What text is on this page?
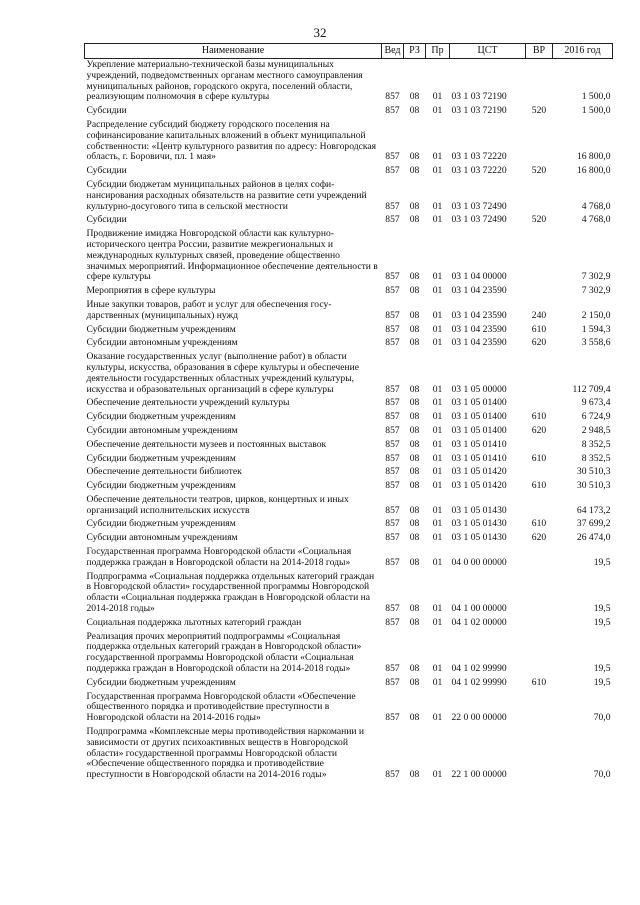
32
Наименование	Вед	РЗ	Пр	ЦСТ	ВР	2016 год
Укрепление материально-технической базы муниципальных учреждений, подведомственных органам местного самоуправления муниципальных районов, городского округа, поселений области, реализующим полномочия в сфере культуры	857	08	01	03 1 03 72190		1 500,0
Субсидии	857	08	01	03 1 03 72190	520	1 500,0
Распределение субсидий бюджету городского поселения на софинансирование капитальных вложений в объект муниципальной собственности: «Центр культурного развития по адресу: Новгородская область, г. Боровичи, пл. 1 мая»	857	08	01	03 1 03 72220		16 800,0
Субсидии	857	08	01	03 1 03 72220	520	16 800,0
Субсидии бюджетам муниципальных районов в целях софинансирования расходных обязательств на развитие сети учреждений культурно-досугового типа в сельской местности	857	08	01	03 1 03 72490		4 768,0
Субсидии	857	08	01	03 1 03 72490	520	4 768,0
Продвижение имиджа Новгородской области как культурно-исторического центра России, развитие межрегиональных и международных культурных связей, проведение общественно значимых мероприятий. Информационное обеспечение деятельности в сфере культуры	857	08	01	03 1 04 00000		7 302,9
Мероприятия в сфере культуры	857	08	01	03 1 04 23590		7 302,9
Иные закупки товаров, работ и услуг для обеспечения государственных (муниципальных) нужд	857	08	01	03 1 04 23590	240	2 150,0
Субсидии бюджетным учреждениям	857	08	01	03 1 04 23590	610	1 594,3
Субсидии автономным учреждениям	857	08	01	03 1 04 23590	620	3 558,6
Оказание государственных услуг (выполнение работ) в области культуры, искусства, образования в сфере культуры и обеспечение деятельности государственных областных учреждений культуры, искусства и образовательных организаций в сфере культуры	857	08	01	03 1 05 00000		112 709,4
Обеспечение деятельности учреждений культуры	857	08	01	03 1 05 01400		9 673,4
Субсидии бюджетным учреждениям	857	08	01	03 1 05 01400	610	6 724,9
Субсидии автономным учреждениям	857	08	01	03 1 05 01400	620	2 948,5
Обеспечение деятельности музеев и постоянных выставок	857	08	01	03 1 05 01410		8 352,5
Субсидии бюджетным учреждениям	857	08	01	03 1 05 01410	610	8 352,5
Обеспечение деятельности библиотек	857	08	01	03 1 05 01420		30 510,3
Субсидии бюджетным учреждениям	857	08	01	03 1 05 01420	610	30 510,3
Обеспечение деятельности театров, цирков, концертных и иных организаций исполнительских искусств	857	08	01	03 1 05 01430		64 173,2
Субсидии бюджетным учреждениям	857	08	01	03 1 05 01430	610	37 699,2
Субсидии автономным учреждениям	857	08	01	03 1 05 01430	620	26 474,0
Государственная программа Новгородской области «Социальная поддержка граждан в Новгородской области на 2014-2018 годы»	857	08	01	04 0 00 00000		19,5
Подпрограмма «Социальная поддержка отдельных категорий граждан в Новгородской области» государственной программы Новгородской области «Социальная поддержка граждан в Новгородской области на 2014-2018 годы»	857	08	01	04 1 00 00000		19,5
Социальная поддержка льготных категорий граждан	857	08	01	04 1 02 00000		19,5
Реализация прочих мероприятий подпрограммы «Социальная поддержка отдельных категорий граждан в Новгородской области» государственной программы Новгородской области «Социальная поддержка граждан в Новгородской области на 2014-2018 годы»	857	08	01	04 1 02 99990		19,5
Субсидии бюджетным учреждениям	857	08	01	04 1 02 99990	610	19,5
Государственная программа Новгородской области «Обеспечение общественного порядка и противодействие преступности в Новгородской области на 2014-2016 годы»	857	08	01	22 0 00 00000		70,0
Подпрограмма «Комплексные меры противодействия наркомании и зависимости от других психоактивных веществ в Новгородской области» государственной программы Новгородской области «Обеспечение общественного порядка и противодействие преступности в Новгородской области на 2014-2016 годы»	857	08	01	22 1 00 00000		70,0
